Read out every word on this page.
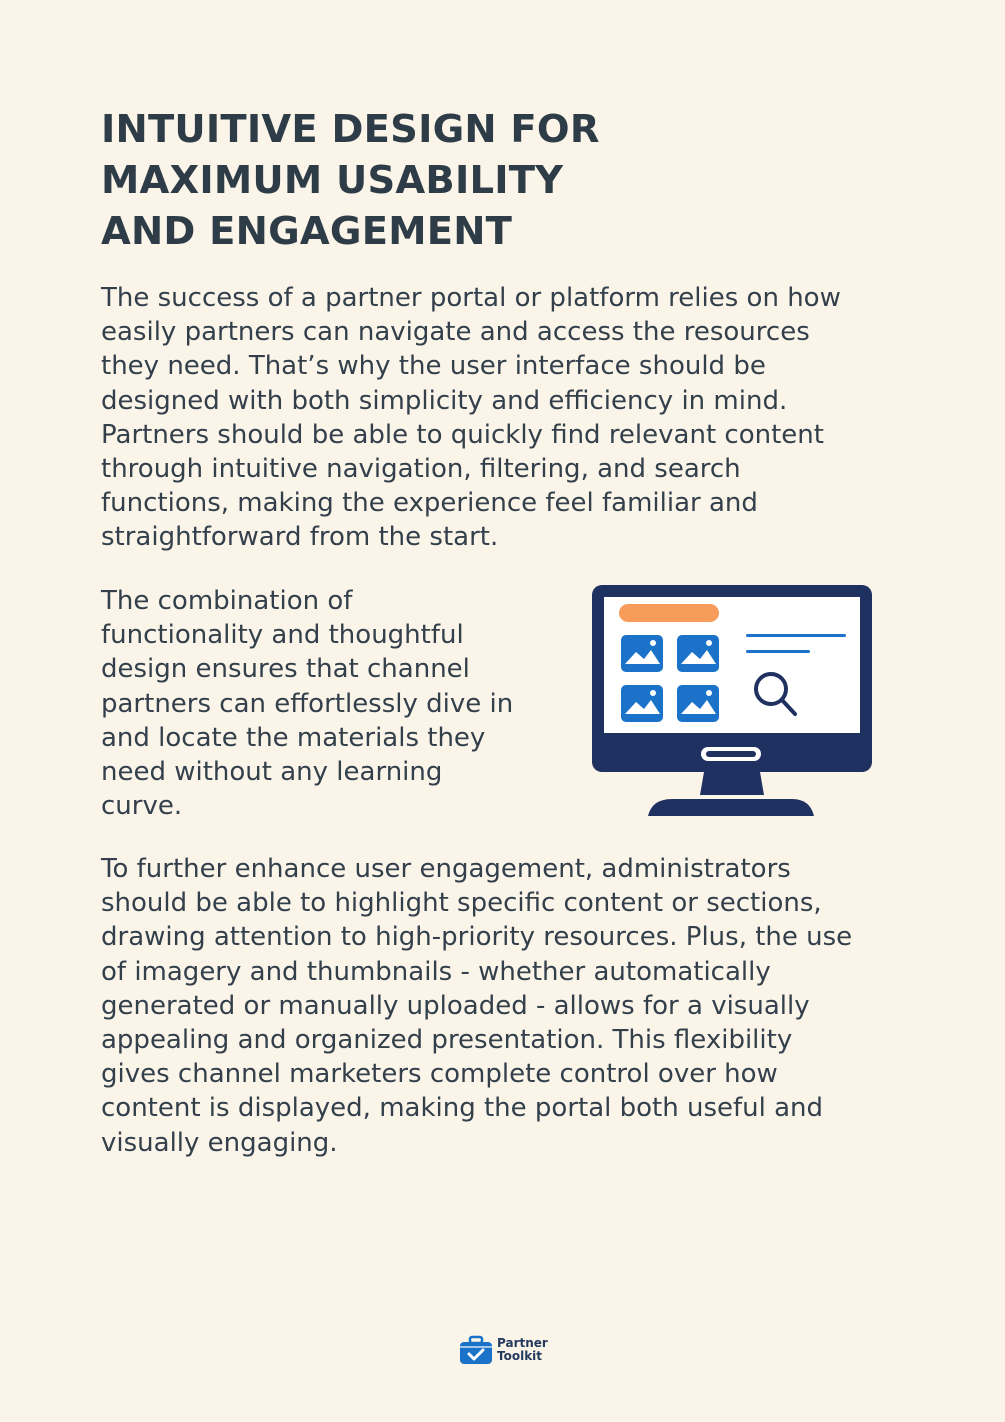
INTUITIVE DESIGN FOR
MAXIMUM USABILITY
AND ENGAGEMENT

The success of a partner portal or platform relies on how
easily partners can navigate and access the resources
they need. That’s why the user interface should be
designed with both simplicity and efficiency in mind.
Partners should be able to quickly find relevant content
through intuitive navigation, filtering, and search
functions, making the experience feel familiar and
straightforward from the start.

The combination of
functionality and thoughtful
design ensures that channel
partners can effortlessly dive in
and locate the materials they
need without any learning
curve.

To further enhance user engagement, administrators
should be able to highlight specific content or sections,
drawing attention to high-priority resources. Plus, the use
of imagery and thumbnails - whether automatically
generated or manually uploaded - allows for a visually
appealing and organized presentation. This flexibility
gives channel marketers complete control over how
content is displayed, making the portal both useful and
visually engaging.

Partner
Toolkit
